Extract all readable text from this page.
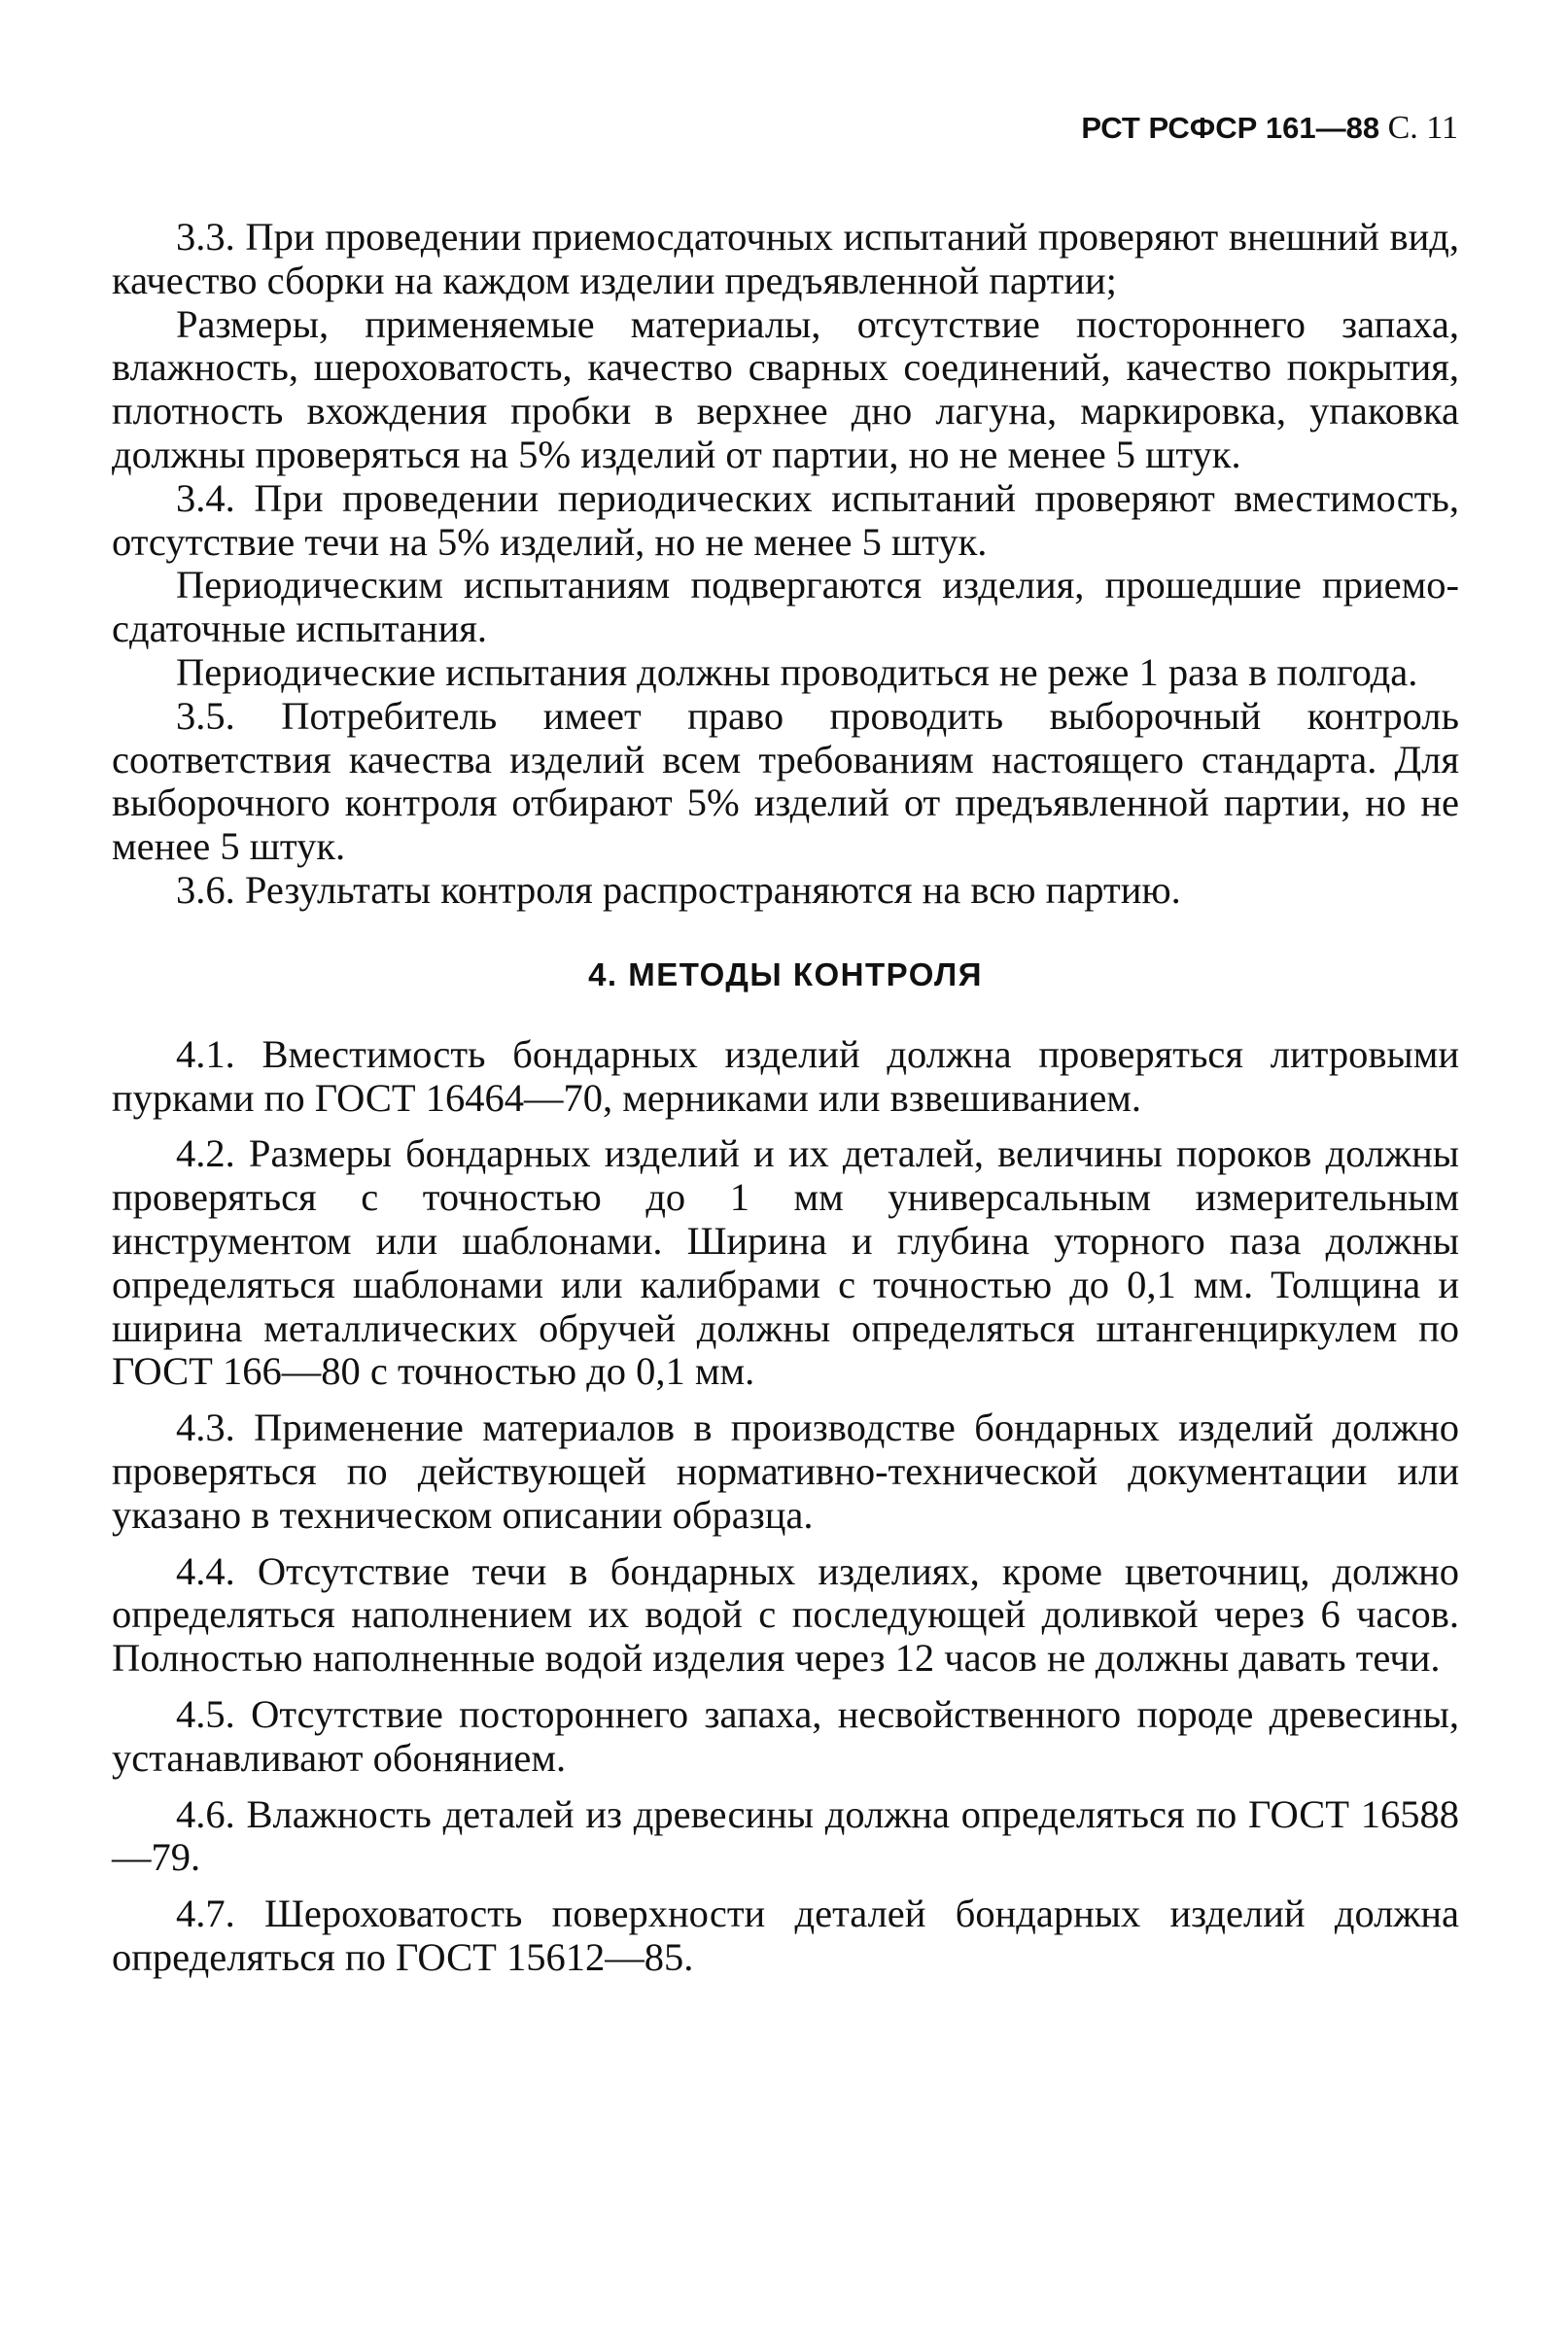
РСТ РСФСР 161—88 С. 11

3.3. При проведении приемосдаточных испытаний проверяют внешний вид, качество сборки на каждом изделии предъявленной партии;

Размеры, применяемые материалы, отсутствие постороннего запаха, влажность, шероховатость, качество сварных соединений, качество покрытия, плотность вхождения пробки в верхнее дно лагуна, маркировка, упаковка должны проверяться на 5% изделий от партии, но не менее 5 штук.

3.4. При проведении периодических испытаний проверяют вместимость, отсутствие течи на 5% изделий, но не менее 5 штук.

Периодическим испытаниям подвергаются изделия, прошедшие приемо-сдаточные испытания.

Периодические испытания должны проводиться не реже 1 раза в полгода.

3.5. Потребитель имеет право проводить выборочный контроль соответствия качества изделий всем требованиям настоящего стандарта. Для выборочного контроля отбирают 5% изделий от предъявленной партии, но не менее 5 штук.

3.6. Результаты контроля распространяются на всю партию.

4. МЕТОДЫ КОНТРОЛЯ

4.1. Вместимость бондарных изделий должна проверяться литровыми пурками по ГОСТ 16464—70, мерниками или взвешиванием.

4.2. Размеры бондарных изделий и их деталей, величины пороков должны проверяться с точностью до 1 мм универсальным измерительным инструментом или шаблонами. Ширина и глубина уторного паза должны определяться шаблонами или калибрами с точностью до 0,1 мм. Толщина и ширина металлических обручей должны определяться штангенциркулем по ГОСТ 166—80 с точностью до 0,1 мм.

4.3. Применение материалов в производстве бондарных изделий должно проверяться по действующей нормативно-технической документации или указано в техническом описании образца.

4.4. Отсутствие течи в бондарных изделиях, кроме цветочниц, должно определяться наполнением их водой с последующей доливкой через 6 часов. Полностью наполненные водой изделия через 12 часов не должны давать течи.

4.5. Отсутствие постороннего запаха, несвойственного породе древесины, устанавливают обонянием.

4.6. Влажность деталей из древесины должна определяться по ГОСТ 16588—79.

4.7. Шероховатость поверхности деталей бондарных изделий должна определяться по ГОСТ 15612—85.
